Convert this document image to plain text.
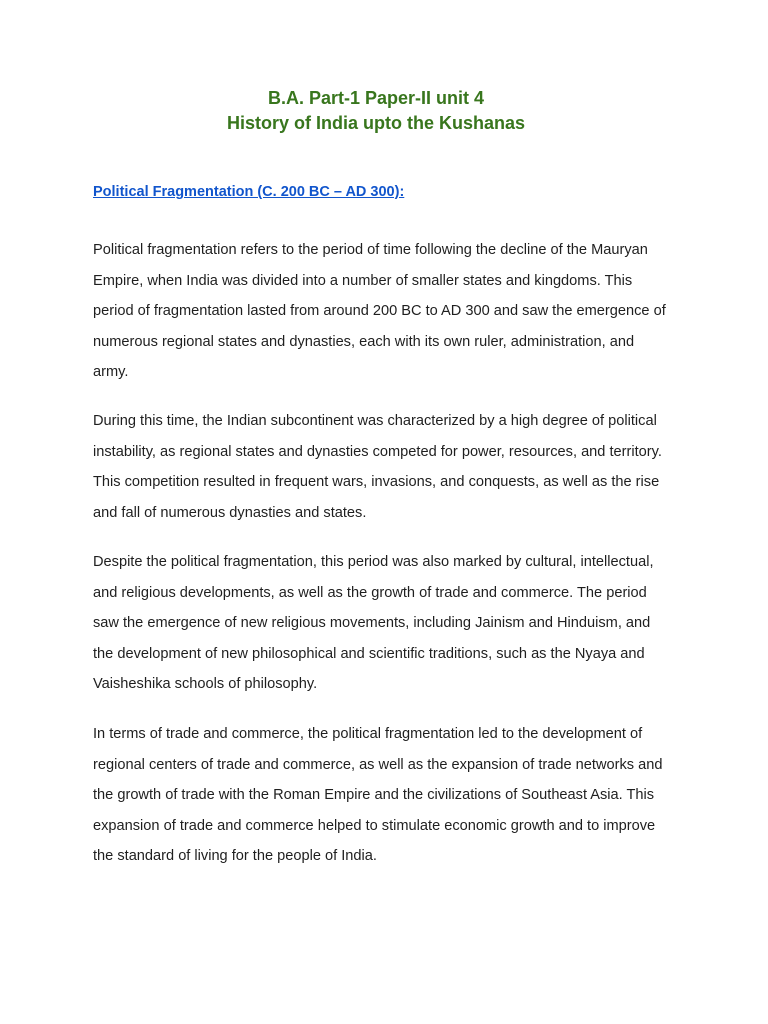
B.A. Part-1 Paper-II unit 4
History of India upto the Kushanas
Political Fragmentation (C. 200 BC – AD 300):

Political fragmentation refers to the period of time following the decline of the Mauryan Empire, when India was divided into a number of smaller states and kingdoms. This period of fragmentation lasted from around 200 BC to AD 300 and saw the emergence of numerous regional states and dynasties, each with its own ruler, administration, and army.

During this time, the Indian subcontinent was characterized by a high degree of political instability, as regional states and dynasties competed for power, resources, and territory. This competition resulted in frequent wars, invasions, and conquests, as well as the rise and fall of numerous dynasties and states.

Despite the political fragmentation, this period was also marked by cultural, intellectual, and religious developments, as well as the growth of trade and commerce. The period saw the emergence of new religious movements, including Jainism and Hinduism, and the development of new philosophical and scientific traditions, such as the Nyaya and Vaisheshika schools of philosophy.

In terms of trade and commerce, the political fragmentation led to the development of regional centers of trade and commerce, as well as the expansion of trade networks and the growth of trade with the Roman Empire and the civilizations of Southeast Asia. This expansion of trade and commerce helped to stimulate economic growth and to improve the standard of living for the people of India.
